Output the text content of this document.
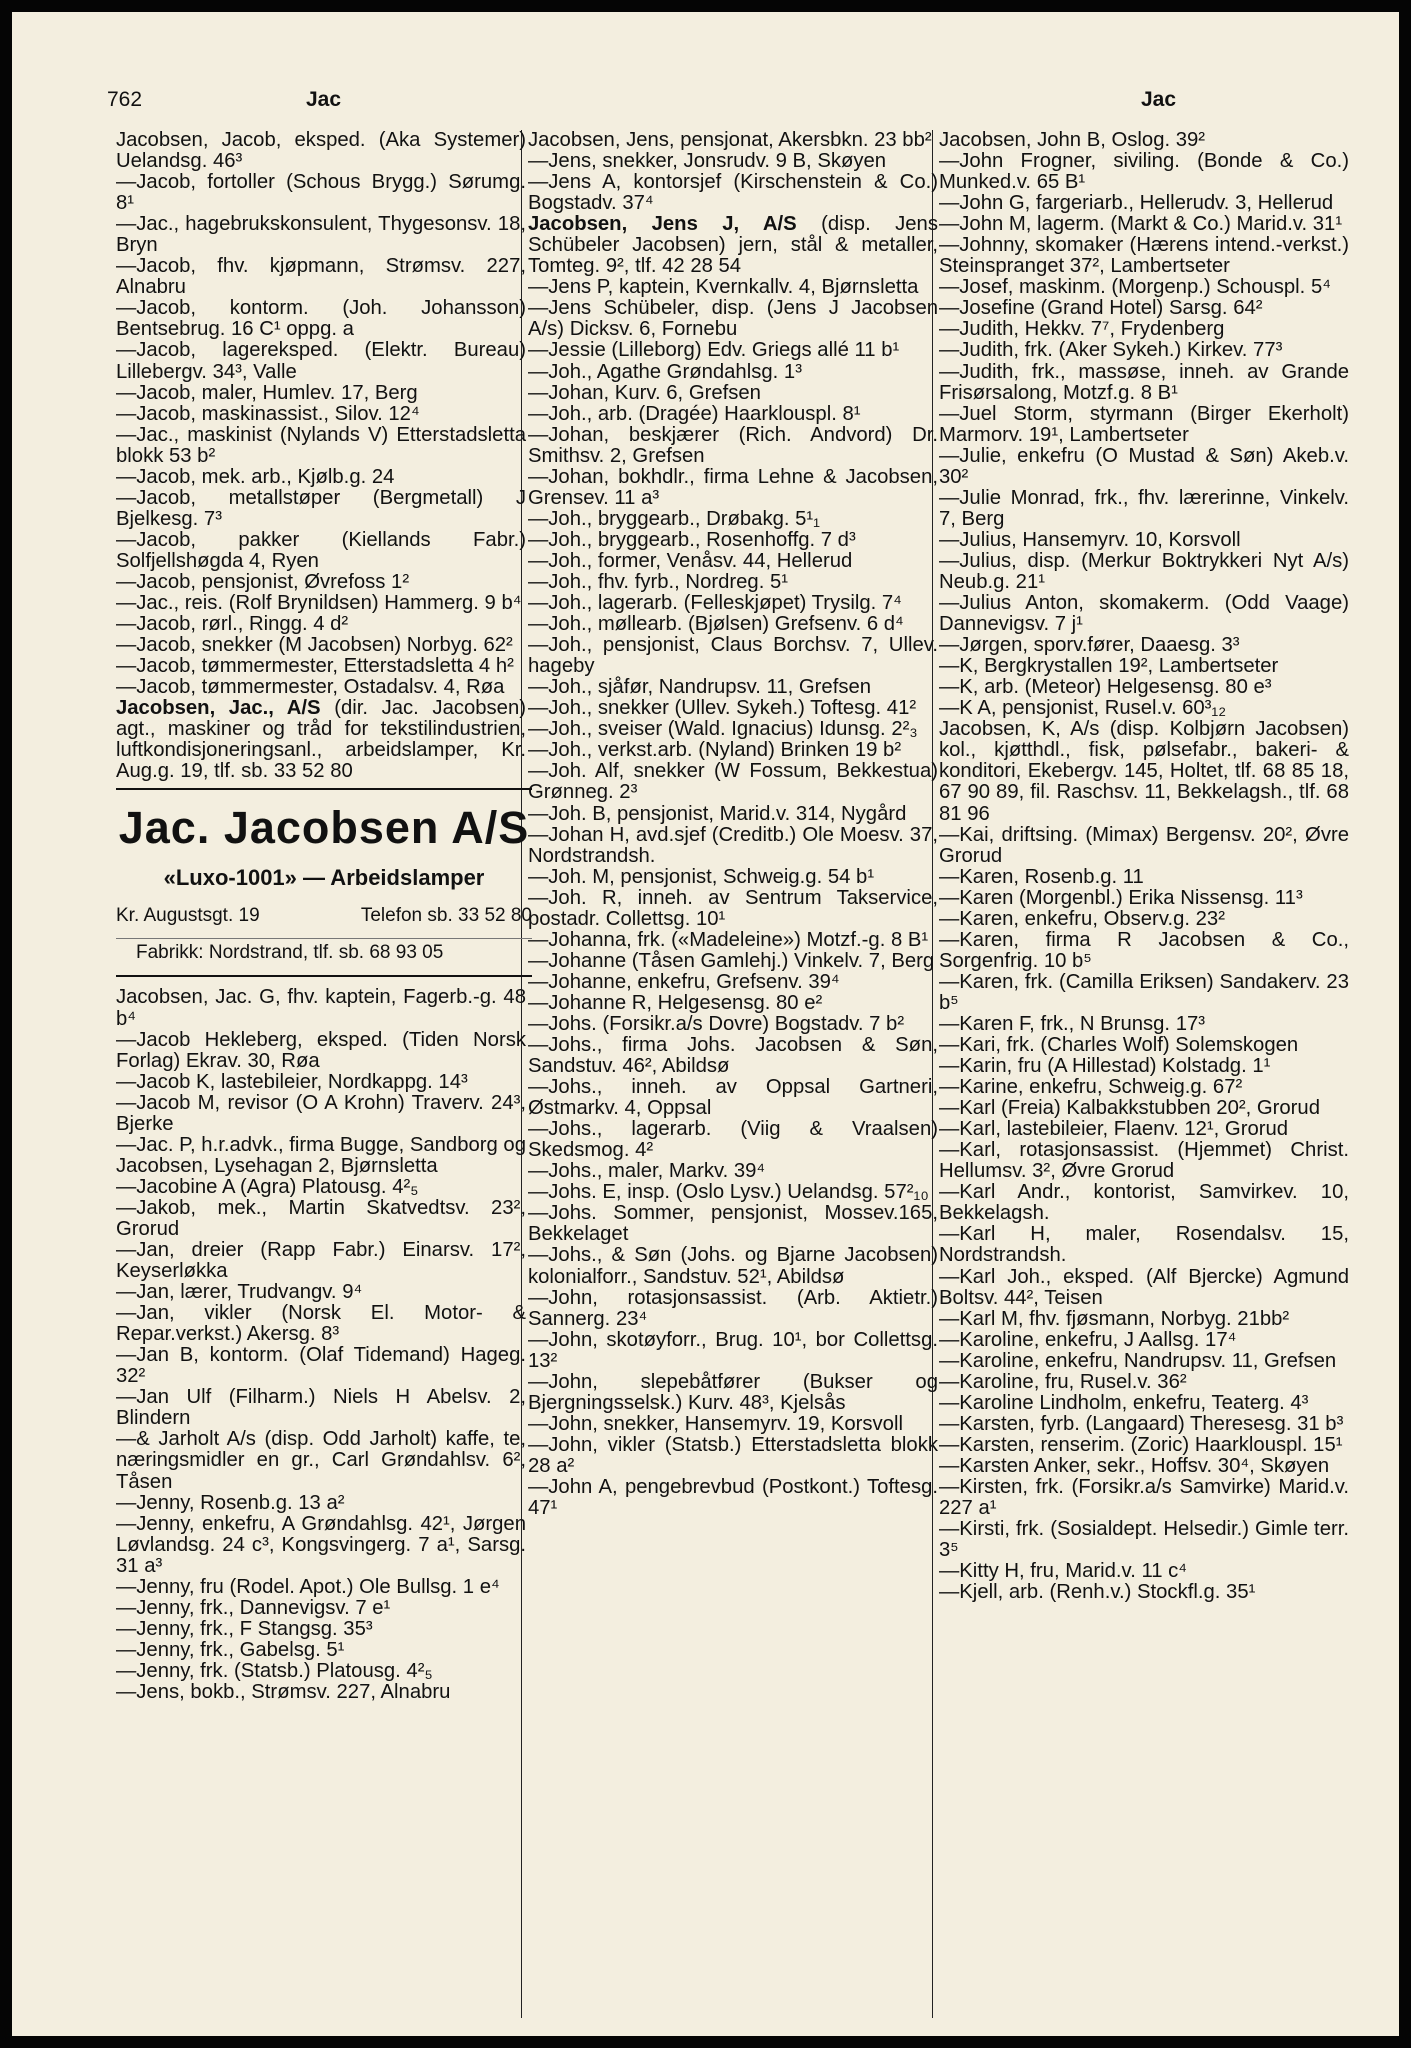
762	Jac	Jac
Jacobsen, Jacob, eksped. (Aka Systemer) Uelandsg. 46³
—Jacob, fortoller (Schous Brygg.) Sørumg. 8¹
—Jac., hagebrukskonsulent, Thygesonsv. 18, Bryn
—Jacob, fhv. kjøpmann, Strømsv. 227, Alnabru
—Jacob, kontorm. (Joh. Johansson) Bentsebrug. 16 C¹ oppg. a
—Jacob, lagereksped. (Elektr. Bureau) Lillebergv. 34³, Valle
—Jacob, maler, Humlev. 17, Berg
—Jacob, maskinassist., Silov. 12⁴
—Jac., maskinist (Nylands V) Etterstadsletta blokk 53 b²
—Jacob, mek. arb., Kjølb.g. 24
—Jacob, metallstøper (Bergmetall) J Bjelkesg. 7³
—Jacob, pakker (Kiellands Fabr.) Solfjellshøgda 4, Ryen
—Jacob, pensjonist, Øvrefoss 1²
—Jac., reis. (Rolf Brynildsen) Hammerg. 9 b⁴
—Jacob, rørl., Ringg. 4 d²
—Jacob, snekker (M Jacobsen) Norbyg. 62²
—Jacob, tømmermester, Etterstadsletta 4 h²
—Jacob, tømmermester, Ostadalsv. 4, Røa
Jacobsen, Jac., A/S (dir. Jac. Jacobsen) agt., maskiner og tråd for tekstilindustrien, luftkondisjoneringsanl., arbeidslamper, Kr. Aug.g. 19, tlf. sb. 33 52 80
Jac. Jacobsen A/S
«Luxo-1001» — Arbeidslamper
Kr. Augustsgt. 19	Telefon sb. 33 52 80
Fabrikk: Nordstrand, tlf. sb. 68 93 05
Jacobsen, Jac. G, fhv. kaptein, Fagerb.-g. 48 b⁴
—Jacob Hekleberg, eksped. (Tiden Norsk Forlag) Ekrav. 30, Røa
—Jacob K, lastebileier, Nordkappg. 14³
—Jacob M, revisor (O A Krohn) Traverv. 24³, Bjerke
—Jac. P, h.r.advk., firma Bugge, Sandborg og Jacobsen, Lysehagan 2, Bjørnsletta
—Jacobine A (Agra) Platousg. 4²₅
—Jakob, mek., Martin Skatvedtsv. 23², Grorud
—Jan, dreier (Rapp Fabr.) Einarsv. 17², Keyserløkka
—Jan, lærer, Trudvangv. 9⁴
—Jan, vikler (Norsk El. Motor- & Repar.verkst.) Akersg. 8³
—Jan B, kontorm. (Olaf Tidemand) Hageg. 32²
—Jan Ulf (Filharm.) Niels H Abelsv. 2, Blindern
—& Jarholt A/s (disp. Odd Jarholt) kaffe, te, næringsmidler en gr., Carl Grøndahlsv. 6², Tåsen
—Jenny, Rosenb.g. 13 a²
—Jenny, enkefru, A Grøndahlsg. 42¹, Jørgen Løvlandsg. 24 c³, Kongsvingerg. 7 a¹, Sarsg. 31 a³
—Jenny, fru (Rodel. Apot.) Ole Bullsg. 1 e⁴
—Jenny, frk., Dannevigsv. 7 e¹
—Jenny, frk., F Stangsg. 35³
—Jenny, frk., Gabelsg. 5¹
—Jenny, frk. (Statsb.) Platousg. 4²₅
—Jens, bokb., Strømsv. 227, Alnabru
Jacobsen, Jens, pensjonat, Akersbkn. 23 bb²
—Jens, snekker, Jonsrudv. 9 B, Skøyen
—Jens A, kontorsjef (Kirschenstein & Co.) Bogstadv. 37⁴
Jacobsen, Jens J, A/S (disp. Jens Schübeler Jacobsen) jern, stål & metaller, Tomteg. 9², tlf. 42 28 54
—Jens P, kaptein, Kvernkallv. 4, Bjørnsletta
—Jens Schübeler, disp. (Jens J Jacobsen A/s) Dicksv. 6, Fornebu
—Jessie (Lilleborg) Edv. Griegs allé 11 b¹
—Joh., Agathe Grøndahlsg. 1³
—Johan, Kurv. 6, Grefsen
—Joh., arb. (Dragée) Haarklouspl. 8¹
—Johan, beskjærer (Rich. Andvord) Dr. Smithsv. 2, Grefsen
—Johan, bokhdlr., firma Lehne & Jacobsen, Grensev. 11 a³
—Joh., bryggearb., Drøbakg. 5¹₁
—Joh., bryggearb., Rosenhoffg. 7 d³
—Joh., former, Venåsv. 44, Hellerud
—Joh., fhv. fyrb., Nordreg. 5¹
—Joh., lagerarb. (Felleskjøpet) Trysilg. 7⁴
—Joh., møllearb. (Bjølsen) Grefsenv. 6 d⁴
—Joh., pensjonist, Claus Borchsv. 7, Ullev. hageby
—Joh., sjåfør, Nandrupsv. 11, Grefsen
—Joh., snekker (Ullev. Sykeh.) Toftesg. 41²
—Joh., sveiser (Wald. Ignacius) Idunsg. 2²₃
—Joh., verkst.arb. (Nyland) Brinken 19 b²
—Joh. Alf, snekker (W Fossum, Bekkestua) Grønneg. 2³
—Joh. B, pensjonist, Marid.v. 314, Nygård
—Johan H, avd.sjef (Creditb.) Ole Moesv. 37, Nordstrandsh.
—Joh. M, pensjonist, Schweig.g. 54 b¹
—Joh. R, inneh. av Sentrum Takservice, postadr. Collettsg. 10¹
—Johanna, frk. («Madeleine») Motzf.-g. 8 B¹
—Johanne (Tåsen Gamlehj.) Vinkelv. 7, Berg
—Johanne, enkefru, Grefsenv. 39⁴
—Johanne R, Helgesensg. 80 e²
—Johs. (Forsikr.a/s Dovre) Bogstadv. 7 b²
—Johs., firma Johs. Jacobsen & Søn, Sandstuv. 46², Abildsø
—Johs., inneh. av Oppsal Gartneri, Østmarkv. 4, Oppsal
—Johs., lagerarb. (Viig & Vraalsen) Skedsmog. 4²
—Johs., maler, Markv. 39⁴
—Johs. E, insp. (Oslo Lysv.) Uelandsg. 57²₁₀
—Johs. Sommer, pensjonist, Mossev.165, Bekkelaget
—Johs., & Søn (Johs. og Bjarne Jacobsen) kolonialforr., Sandstuv. 52¹, Abildsø
—John, rotasjonsassist. (Arb. Aktietr.) Sannerg. 23⁴
—John, skotøyforr., Brug. 10¹, bor Collettsg. 13²
—John, slepebåtfører (Bukser og Bjergningsselsk.) Kurv. 48³, Kjelsås
—John, snekker, Hansemyrv. 19, Korsvoll
—John, vikler (Statsb.) Etterstadsletta blokk 28 a²
—John A, pengebrevbud (Postkont.) Toftesg. 47¹
Jacobsen, John B, Oslog. 39²
—John Frogner, siviling. (Bonde & Co.) Munked.v. 65 B¹
—John G, fargeriarb., Hellerudv. 3, Hellerud
—John M, lagerm. (Markt & Co.) Marid.v. 31¹
—Johnny, skomaker (Hærens intend.-verkst.) Steinspranget 37², Lambertseter
—Josef, maskinm. (Morgenp.) Schouspl. 5⁴
—Josefine (Grand Hotel) Sarsg. 64²
—Judith, Hekkv. 7⁷, Frydenberg
—Judith, frk. (Aker Sykeh.) Kirkev. 77³
—Judith, frk., massøse, inneh. av Grande Frisørsalong, Motzf.g. 8 B¹
—Juel Storm, styrmann (Birger Ekerholt) Marmorv. 19¹, Lambertseter
—Julie, enkefru (O Mustad & Søn) Akeb.v. 30²
—Julie Monrad, frk., fhv. lærerinne, Vinkelv. 7, Berg
—Julius, Hansemyrv. 10, Korsvoll
—Julius, disp. (Merkur Boktrykkeri Nyt A/s) Neub.g. 21¹
—Julius Anton, skomakerm. (Odd Vaage) Dannevigsv. 7 j¹
—Jørgen, sporv.fører, Daaesg. 3³
—K, Bergkrystallen 19², Lambertseter
—K, arb. (Meteor) Helgesensg. 80 e³
—K A, pensjonist, Rusel.v. 60³₁₂
Jacobsen, K, A/s (disp. Kolbjørn Jacobsen) kol., kjøtthdl., fisk, pølsefabr., bakeri- & konditori, Ekebergv. 145, Holtet, tlf. 68 85 18, 67 90 89, fil. Raschsv. 11, Bekkelagsh., tlf. 68 81 96
—Kai, driftsing. (Mimax) Bergensv. 20², Øvre Grorud
—Karen, Rosenb.g. 11
—Karen (Morgenbl.) Erika Nissensg. 11³
—Karen, enkefru, Observ.g. 23²
—Karen, firma R Jacobsen & Co., Sorgenfrig. 10 b⁵
—Karen, frk. (Camilla Eriksen) Sandakerv. 23 b⁵
—Karen F, frk., N Brunsg. 17³
—Kari, frk. (Charles Wolf) Solemskogen
—Karin, fru (A Hillestad) Kolstadg. 1¹
—Karine, enkefru, Schweig.g. 67²
—Karl (Freia) Kalbakkstubben 20², Grorud
—Karl, lastebileier, Flaenv. 12¹, Grorud
—Karl, rotasjonsassist. (Hjemmet) Christ. Hellumsv. 3², Øvre Grorud
—Karl Andr., kontorist, Samvirkev. 10, Bekkelagsh.
—Karl H, maler, Rosendalsv. 15, Nordstrandsh.
—Karl Joh., eksped. (Alf Bjercke) Agmund Boltsv. 44², Teisen
—Karl M, fhv. fjøsmann, Norbyg. 21bb²
—Karoline, enkefru, J Aallsg. 17⁴
—Karoline, enkefru, Nandrupsv. 11, Grefsen
—Karoline, fru, Rusel.v. 36²
—Karoline Lindholm, enkefru, Teaterg. 4³
—Karsten, fyrb. (Langaard) Theresesg. 31 b³
—Karsten, renserim. (Zoric) Haarklouspl. 15¹
—Karsten Anker, sekr., Hoffsv. 30⁴, Skøyen
—Kirsten, frk. (Forsikr.a/s Samvirke) Marid.v. 227 a¹
—Kirsti, frk. (Sosialdept. Helsedir.) Gimle terr. 3⁵
—Kitty H, fru, Marid.v. 11 c⁴
—Kjell, arb. (Renh.v.) Stockfl.g. 35¹
